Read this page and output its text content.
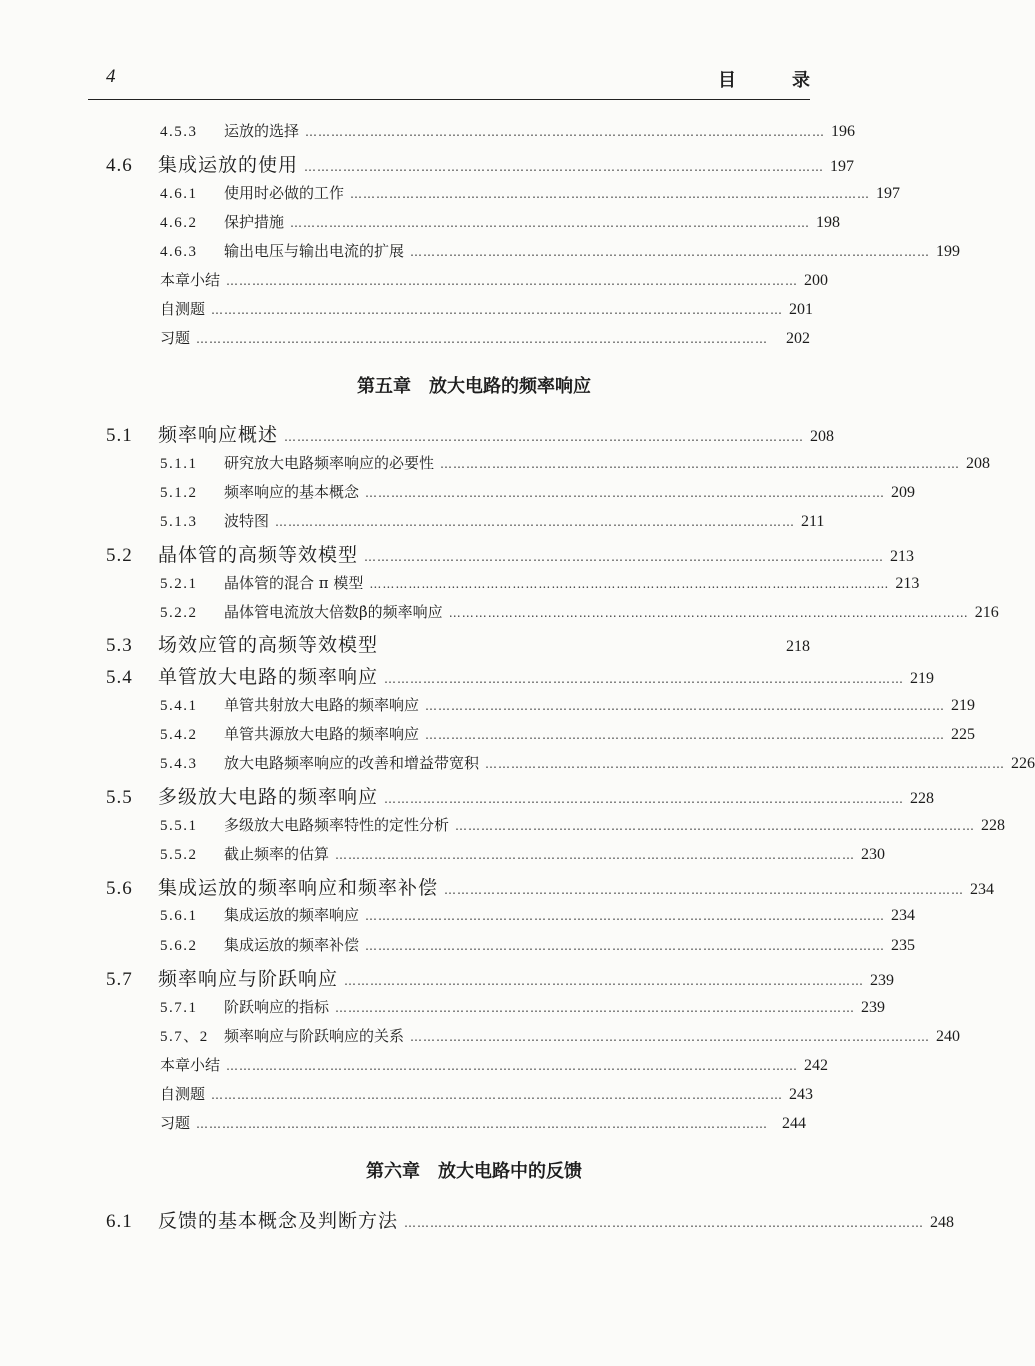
4	目	录
4.5.3	运放的选择 ………………………………………………………………………………………………………… 196
4.6	集成运放的使用 ………………………………………………………………………………………………………… 197
4.6.1	使用时必做的工作 ………………………………………………………………………………………………………… 197
4.6.2	保护措施 ………………………………………………………………………………………………………… 198
4.6.3	输出电压与输出电流的扩展 ………………………………………………………………………………………………………… 199
本章小结 …………………………………………………………………………………………………………………… 200
自测题 …………………………………………………………………………………………………………………… 201
习题 ……………………………………………………………………………………………………………………	202
第五章　放大电路的频率响应
5.1	频率响应概述 ………………………………………………………………………………………………………… 208
5.1.1	研究放大电路频率响应的必要性 ………………………………………………………………………………………………………… 208
5.1.2	频率响应的基本概念 ………………………………………………………………………………………………………… 209
5.1.3	波特图 ………………………………………………………………………………………………………… 211
5.2	晶体管的高频等效模型 ………………………………………………………………………………………………………… 213
5.2.1	晶体管的混合 π 模型 ………………………………………………………………………………………………………… 213
5.2.2	晶体管电流放大倍数β̇的频率响应 ………………………………………………………………………………………………………… 216
5.3	场效应管的高频等效模型	218
5.4	单管放大电路的频率响应 ………………………………………………………………………………………………………… 219
5.4.1	单管共射放大电路的频率响应 ………………………………………………………………………………………………………… 219
5.4.2	单管共源放大电路的频率响应 ………………………………………………………………………………………………………… 225
5.4.3	放大电路频率响应的改善和增益带宽积 ………………………………………………………………………………………………………… 226
5.5	多级放大电路的频率响应 ………………………………………………………………………………………………………… 228
5.5.1	多级放大电路频率特性的定性分析 ………………………………………………………………………………………………………… 228
5.5.2	截止频率的估算 ………………………………………………………………………………………………………… 230
5.6	集成运放的频率响应和频率补偿 ………………………………………………………………………………………………………… 234
5.6.1	集成运放的频率响应 ………………………………………………………………………………………………………… 234
5.6.2	集成运放的频率补偿 ………………………………………………………………………………………………………… 235
5.7	频率响应与阶跃响应 ………………………………………………………………………………………………………… 239
5.7.1	阶跃响应的指标 ………………………………………………………………………………………………………… 239
5.7、2	频率响应与阶跃响应的关系 ………………………………………………………………………………………………………… 240
本章小结 …………………………………………………………………………………………………………………… 242
自测题 …………………………………………………………………………………………………………………… 243
习题 …………………………………………………………………………………………………………………… 244
第六章　放大电路中的反馈
6.1	反馈的基本概念及判断方法 ………………………………………………………………………………………………………… 248
